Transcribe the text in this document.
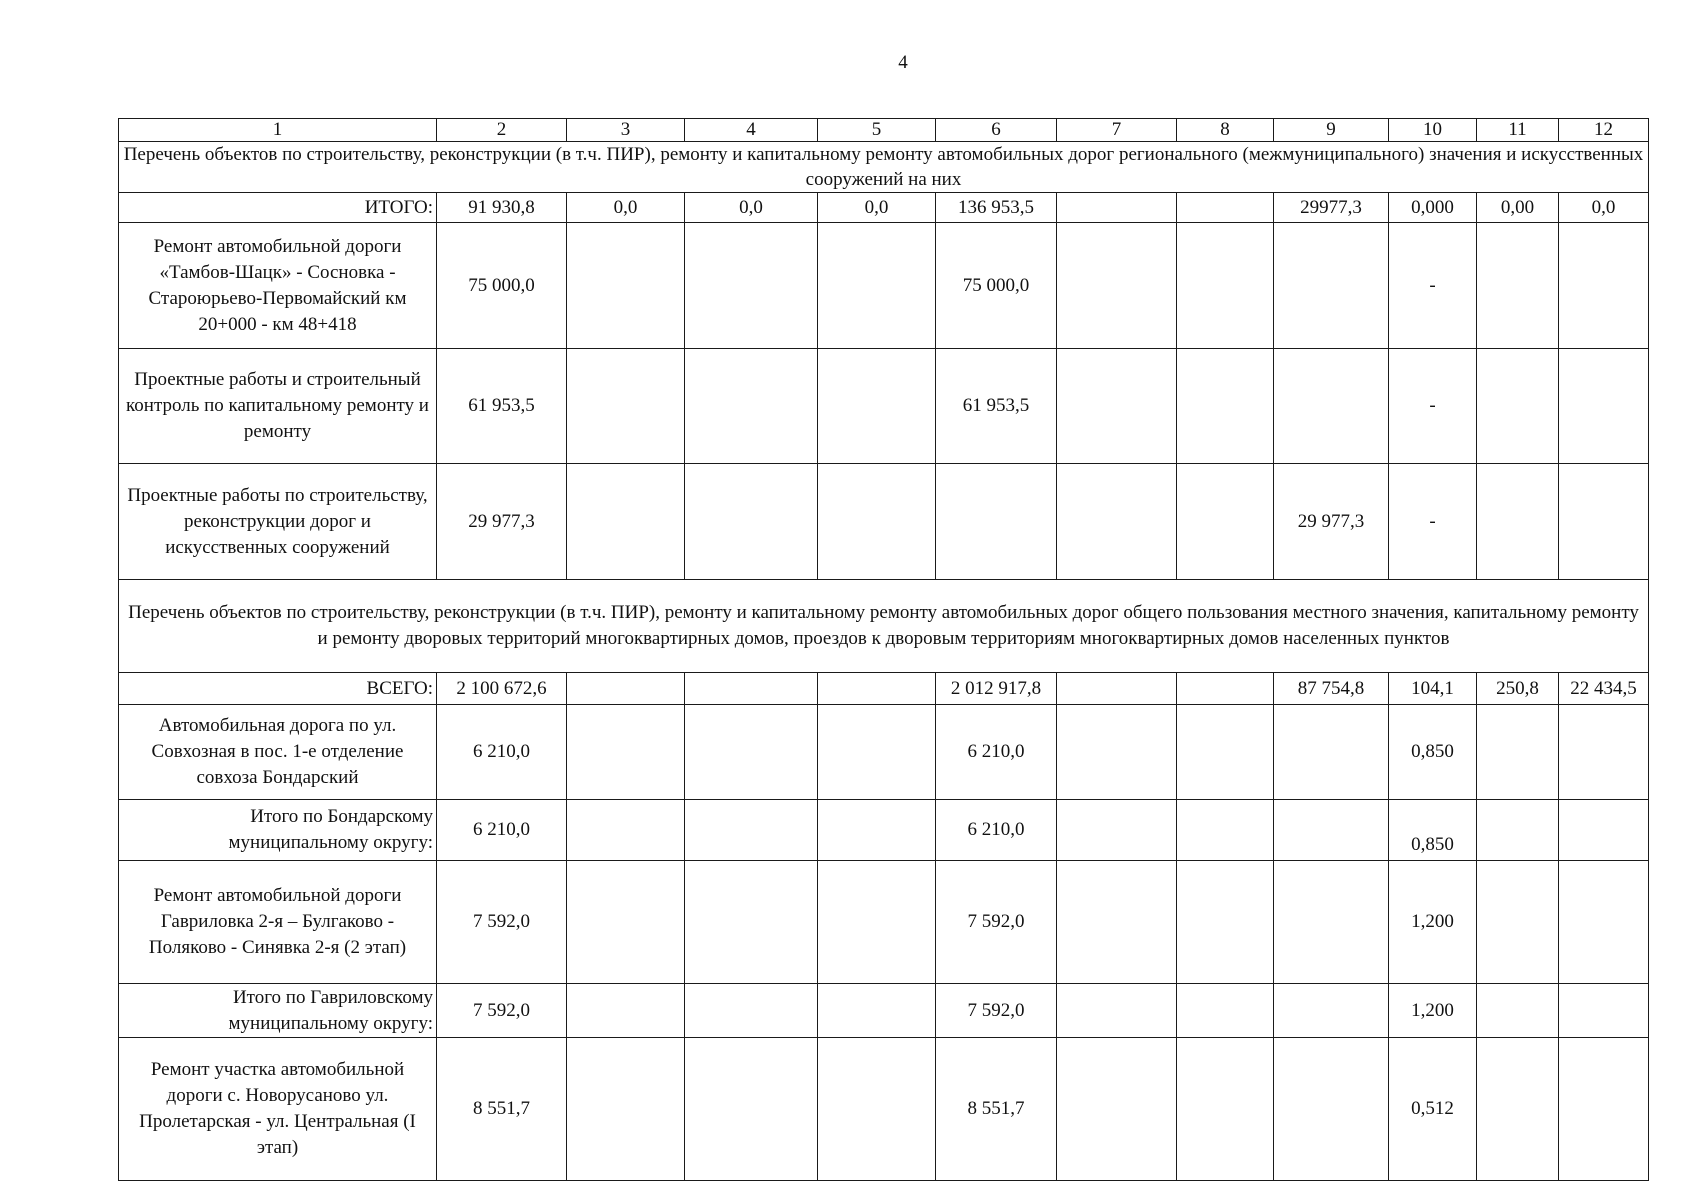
4
1	2	3	4	5	6	7	8	9	10	11	12
Перечень объектов по строительству, реконструкции (в т.ч. ПИР), ремонту и капитальному ремонту автомобильных дорог регионального (межмуниципального) значения и искусственных сооружений на них											
ИТОГО:	91 930,8	0,0	0,0	0,0	136 953,5			29977,3	0,000	0,00	0,0
Ремонт автомобильной дороги «Тамбов-Шацк» - Сосновка - Староюрьево-Первомайский км 20+000 - км 48+418	75 000,0				75 000,0				-		
Проектные работы и строительный контроль по капитальному ремонту и ремонту	61 953,5				61 953,5				-		
Проектные работы по строительству, реконструкции дорог и искусственных сооружений	29 977,3							29 977,3	-		
Перечень объектов по строительству, реконструкции (в т.ч. ПИР), ремонту и капитальному ремонту автомобильных дорог общего пользования местного значения, капитальному ремонту и ремонту дворовых территорий многоквартирных домов, проездов к дворовым территориям многоквартирных домов населенных пунктов											
ВСЕГО:	2 100 672,6				2 012 917,8			87 754,8	104,1	250,8	22 434,5
Автомобильная дорога по ул. Совхозная в пос. 1-е отделение совхоза Бондарский	6 210,0				6 210,0				0,850		
Итого по Бондарскому муниципальному округу:	6 210,0				6 210,0				0,850		
Ремонт автомобильной дороги Гавриловка 2-я – Булгаково - Поляково - Синявка 2-я (2 этап)	7 592,0				7 592,0				1,200		
Итого по Гавриловскому муниципальному округу:	7 592,0				7 592,0				1,200		
Ремонт участка автомобильной дороги с. Новорусаново ул. Пролетарская - ул. Центральная (I этап)	8 551,7				8 551,7				0,512		
